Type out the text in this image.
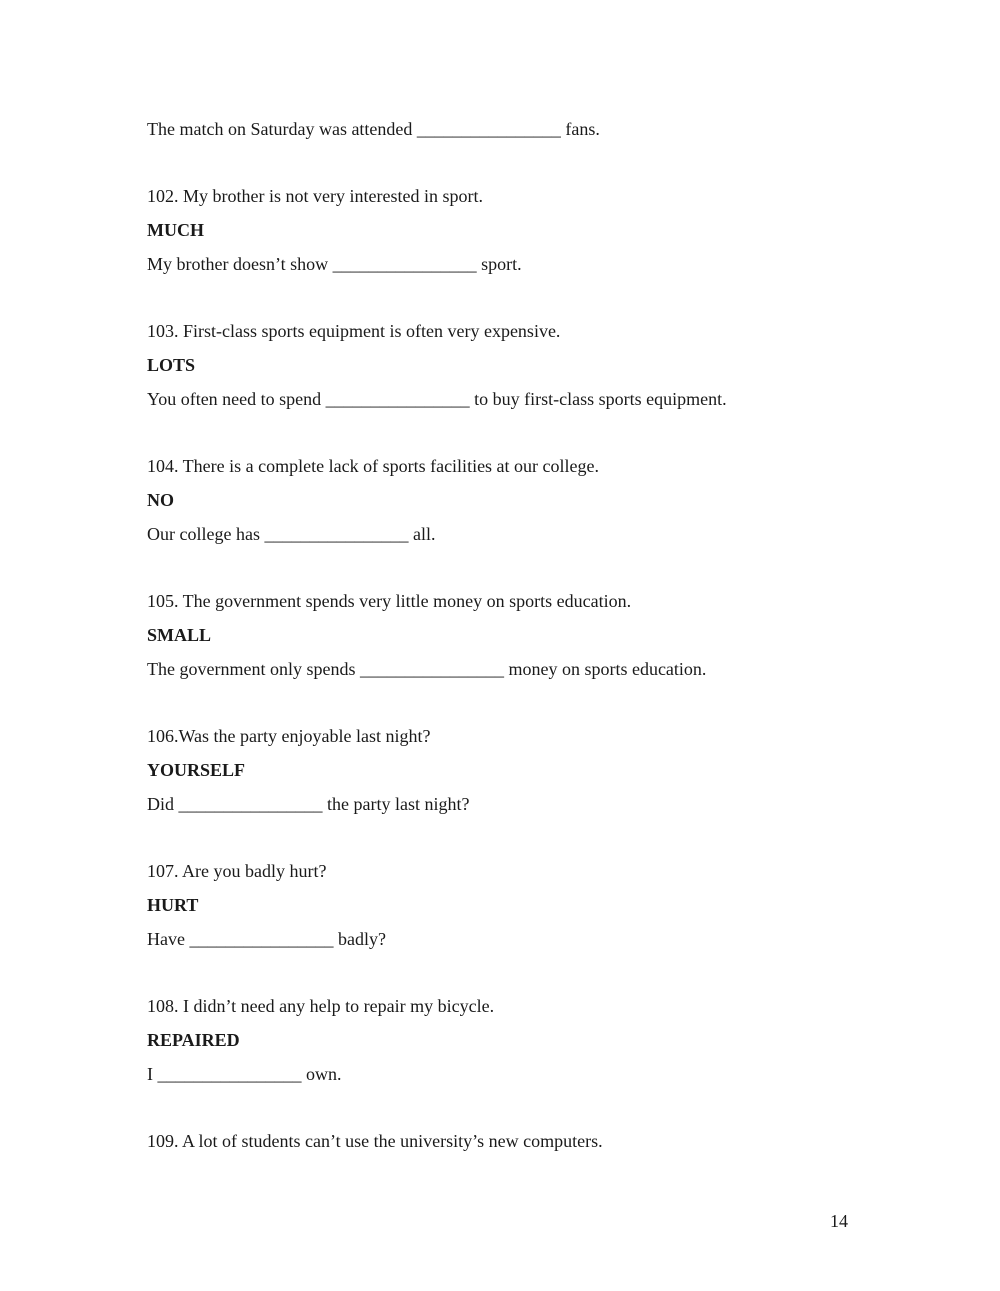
The match on Saturday was attended ________________ fans.
102. My brother is not very interested in sport.
MUCH
My brother doesn’t show ________________ sport.
103. First-class sports equipment is often very expensive.
LOTS
You often need to spend ________________ to buy first-class sports equipment.
104. There is a complete lack of sports facilities at our college.
NO
Our college has ________________ all.
105. The government spends very little money on sports education.
SMALL
The government only spends ________________ money on sports education.
106.Was the party enjoyable last night?
YOURSELF
Did ________________ the party last night?
107. Are you badly hurt?
HURT
Have ________________ badly?
108. I didn’t need any help to repair my bicycle.
REPAIRED
I ________________ own.
109. A lot of students can’t use the university’s new computers.
14
